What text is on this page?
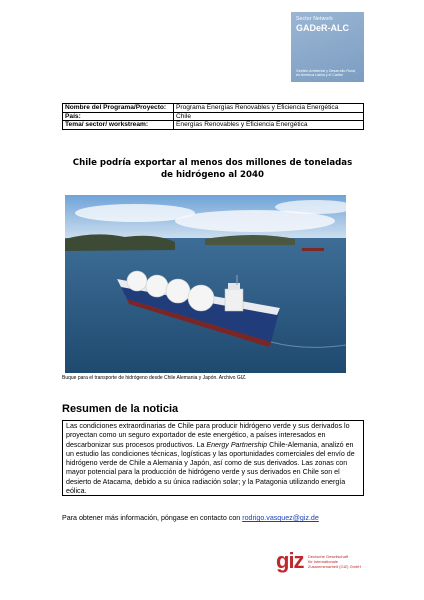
Sector Network
GADeR-ALC
Gestión Ambiental y Desarrollo Rural,
en América Latina y el Caribe
Nombre del Programa/Proyecto:	Programa Energías Renovables y Eficiencia Energética
País:	Chile
Tema/ sector/ workstream:	Energías Renovables y Eficiencia Energética
Chile podría exportar al menos dos millones de toneladas
de hidrógeno al 2040
Buque para el transporte de hidrógeno desde Chile Alemania y Japón. Archivo GIZ.
Resumen de la noticia
Las condiciones extraordinarias de Chile para producir hidrógeno verde y sus derivados lo proyectan como un seguro exportador de este energético, a países interesados en descarbonizar sus procesos productivos. La Energy Partnership Chile-Alemania, analizó en un estudio las condiciones técnicas, logísticas y las oportunidades comerciales del envío de hidrógeno verde de Chile a Alemania y Japón, así como de sus derivados. Las zonas con mayor potencial para la producción de hidrógeno verde y sus derivados en Chile son el desierto de Atacama, debido a su única radiación solar; y la Patagonia utilizando energía eólica.
Para obtener más información, póngase en contacto con rodrigo.vasquez@giz.de
giz Deutsche Gesellschaft
für Internationale
Zusammenarbeit (GIZ) GmbH
